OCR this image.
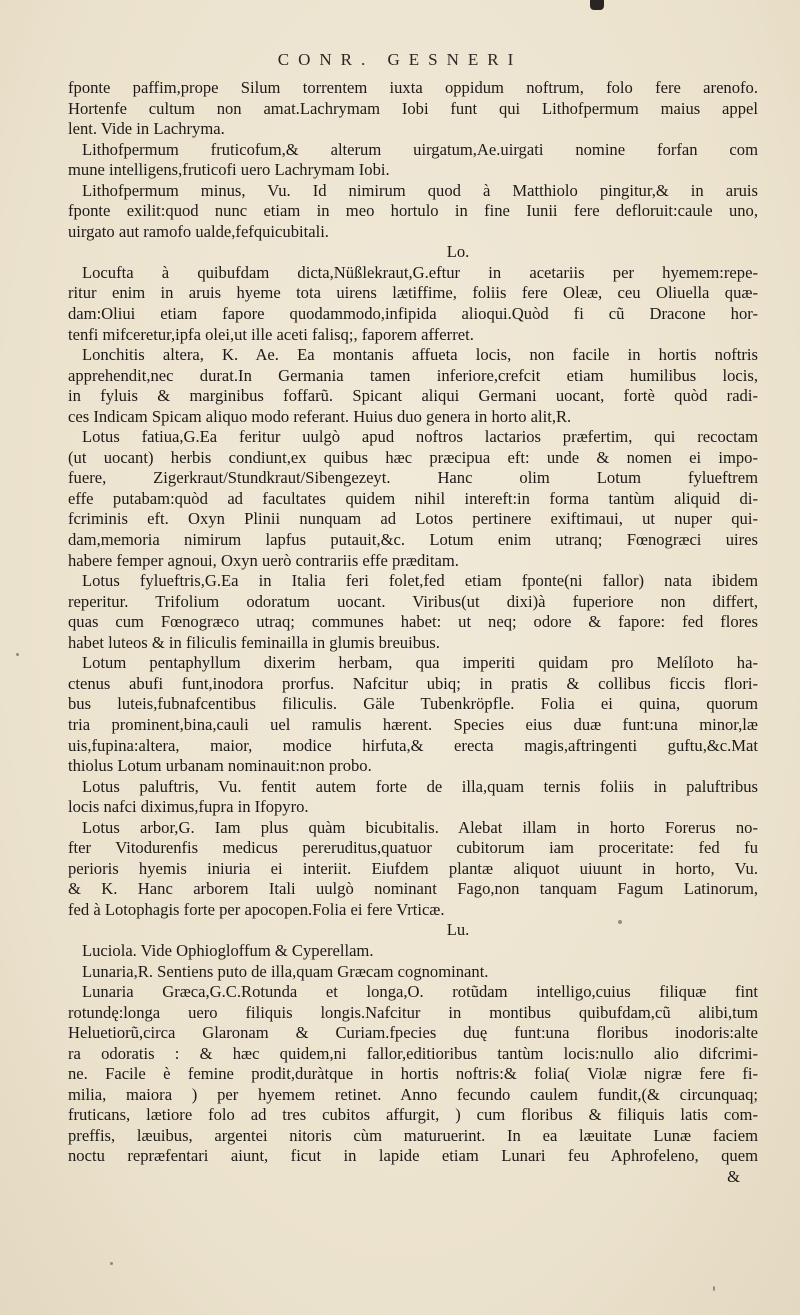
CONR. GESNERI
fponte paffim,prope Silum torrentem iuxta oppidum noftrum, folo fere arenofo.
Hortenfe cultum non amat.Lachrymam Iobi funt qui Lithofpermum maius appel
lent. Vide in Lachryma.
Lithofpermum fruticofum,& alterum uirgatum,Ae.uirgati nomine forfan com
mune intelligens,fruticofi uero Lachrymam Iobi.
Lithofpermum minus, Vu. Id nimirum quod à Matthiolo pingitur,& in aruis
fponte exilit:quod nunc etiam in meo hortulo in fine Iunii fere defloruit:caule uno,
uirgato aut ramofo ualde,fefquicubitali.
Lo.
Locufta à quibufdam dicta,Nüßlekraut,G.eftur in acetariis per hyemem:repe-
ritur enim in aruis hyeme tota uirens lætiffime, foliis fere Oleæ, ceu Oliuella quæ-
dam:Oliui etiam fapore quodammodo,infipida alioqui.Quòd fi cũ Dracone hor-
tenfi mifceretur,ipfa olei,ut ille aceti falisq;, faporem afferret.
Lonchitis altera, K. Ae. Ea montanis affueta locis, non facile in hortis noftris
apprehendit,nec durat.In Germania tamen inferiore,crefcit etiam humilibus locis,
in fyluis & marginibus foffarũ. Spicant aliqui Germani uocant, fortè quòd radi-
ces Indicam Spicam aliquo modo referant. Huius duo genera in horto alit,R.
Lotus fatiua,G.Ea feritur uulgò apud noftros lactarios præfertim, qui recoctam
(ut uocant) herbis condiunt,ex quibus hæc præcipua eft: unde & nomen ei impo-
fuere, Zigerkraut/Stundkraut/Sibengezeyt. Hanc olim Lotum fylueftrem
effe putabam:quòd ad facultates quidem nihil intereft:in forma tantùm aliquid di-
fcriminis eft. Oxyn Plinii nunquam ad Lotos pertinere exiftimaui, ut nuper qui-
dam,memoria nimirum lapfus putauit,&c. Lotum enim utranq; Fœnogræci uires
habere femper agnoui, Oxyn uerò contrariis effe præditam.
Lotus fylueftris,G.Ea in Italia feri folet,fed etiam fponte(ni fallor) nata ibidem
reperitur. Trifolium odoratum uocant. Viribus(ut dixi)à fuperiore non differt,
quas cum Fœnogræco utraq; communes habet: ut neq; odore & fapore: fed flores
habet luteos & in filiculis feminailla in glumis breuibus.
Lotum pentaphyllum dixerim herbam, qua imperiti quidam pro Melíloto ha-
ctenus abufi funt,inodora prorfus. Nafcitur ubiq; in pratis & collibus ficcis flori-
bus luteis,fubnafcentibus filiculis. Gäle Tubenkröpfle. Folia ei quina, quorum
tria prominent,bina,cauli uel ramulis hærent. Species eius duæ funt:una minor,læ
uis,fupina:altera, maior, modice hirfuta,& erecta magis,aftringenti guftu,&c.Mat
thiolus Lotum urbanam nominauit:non probo.
Lotus paluftris, Vu. fentit autem forte de illa,quam ternis foliis in paluftribus
locis nafci diximus,fupra in Ifopyro.
Lotus arbor,G. Iam plus quàm bicubitalis. Alebat illam in horto Forerus no-
fter Vitodurenfis medicus pereruditus,quatuor cubitorum iam proceritate: fed fu
perioris hyemis iniuria ei interiit. Eiufdem plantæ aliquot uiuunt in horto, Vu.
& K. Hanc arborem Itali uulgò nominant Fago,non tanquam Fagum Latinorum,
fed à Lotophagis forte per apocopen.Folia ei fere Vrticæ.
Lu.
Luciola. Vide Ophiogloffum & Cyperellam.
Lunaria,R. Sentiens puto de illa,quam Græcam cognominant.
Lunaria Græca,G.C.Rotunda et longa,O. rotũdam intelligo,cuius filiquæ fint
rotundę:longa uero filiquis longis.Nafcitur in montibus quibufdam,cũ alibi,tum
Heluetiorũ,circa Glaronam & Curiam.fpecies duę funt:una floribus inodoris:alte
ra odoratis : & hæc quidem,ni fallor,editioribus tantùm locis:nullo alio difcrimi-
ne. Facile è femine prodit,duràtque in hortis noftris:& folia( Violæ nigræ fere fi-
milia, maiora ) per hyemem retinet. Anno fecundo caulem fundit,(& circunquaq;
fruticans, lætiore folo ad tres cubitos affurgit, ) cum floribus & filiquis latis com-
preffis, læuibus, argentei nitoris cùm maturuerint. In ea læuitate Lunæ faciem
noctu repræfentari aiunt, ficut in lapide etiam Lunari feu Aphrofeleno, quem
&
